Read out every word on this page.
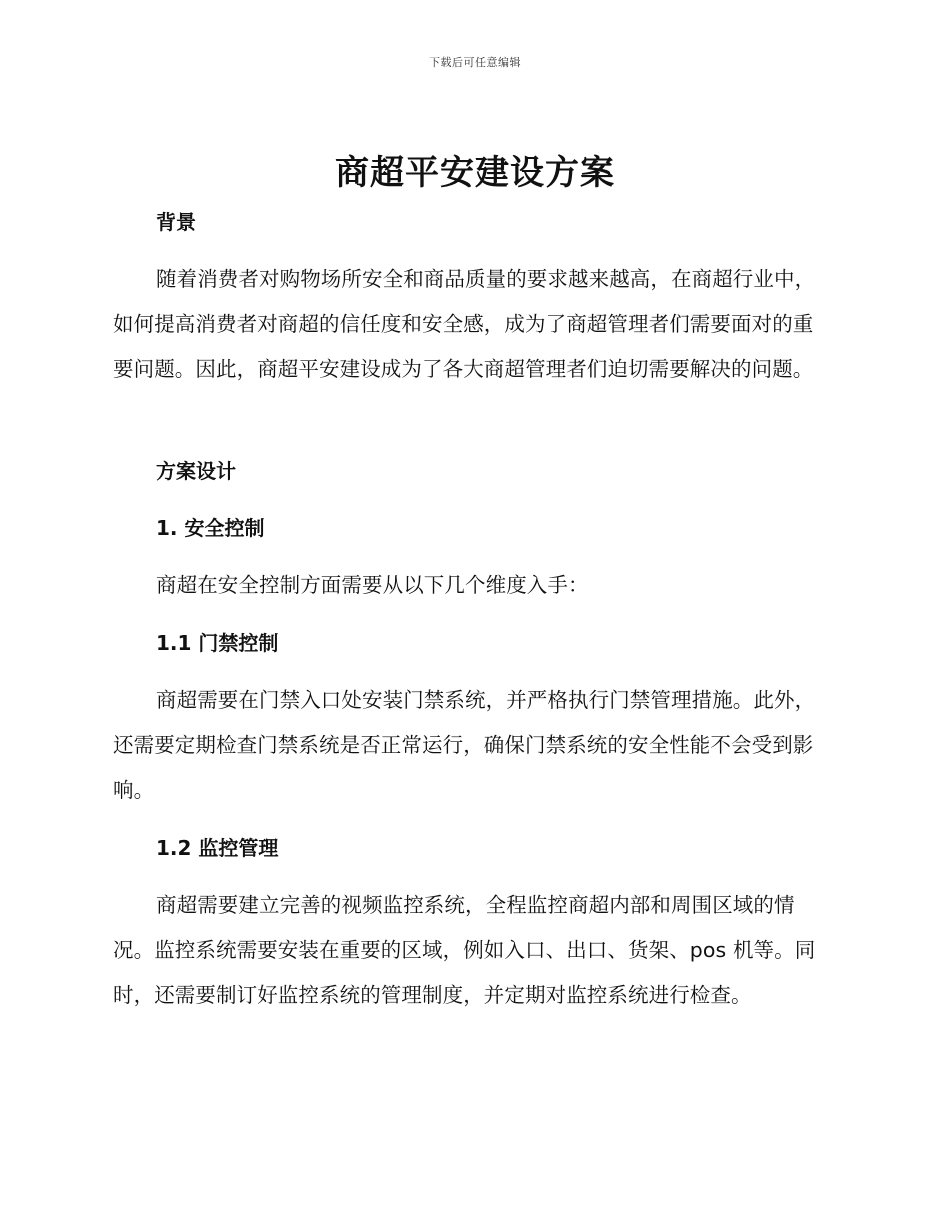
下载后可任意编辑
商超平安建设方案
背景

随着消费者对购物场所安全和商品质量的要求越来越高，在商超行业中，如何提高消费者对商超的信任度和安全感，成为了商超管理者们需要面对的重要问题。因此，商超平安建设成为了各大商超管理者们迫切需要解决的问题。

方案设计
1. 安全控制

商超在安全控制方面需要从以下几个维度入手：

1.1 门禁控制

商超需要在门禁入口处安装门禁系统，并严格执行门禁管理措施。此外，还需要定期检查门禁系统是否正常运行，确保门禁系统的安全性能不会受到影响。

1.2 监控管理

商超需要建立完善的视频监控系统，全程监控商超内部和周围区域的情况。监控系统需要安装在重要的区域，例如入口、出口、货架、pos 机等。同时，还需要制订好监控系统的管理制度，并定期对监控系统进行检查。
